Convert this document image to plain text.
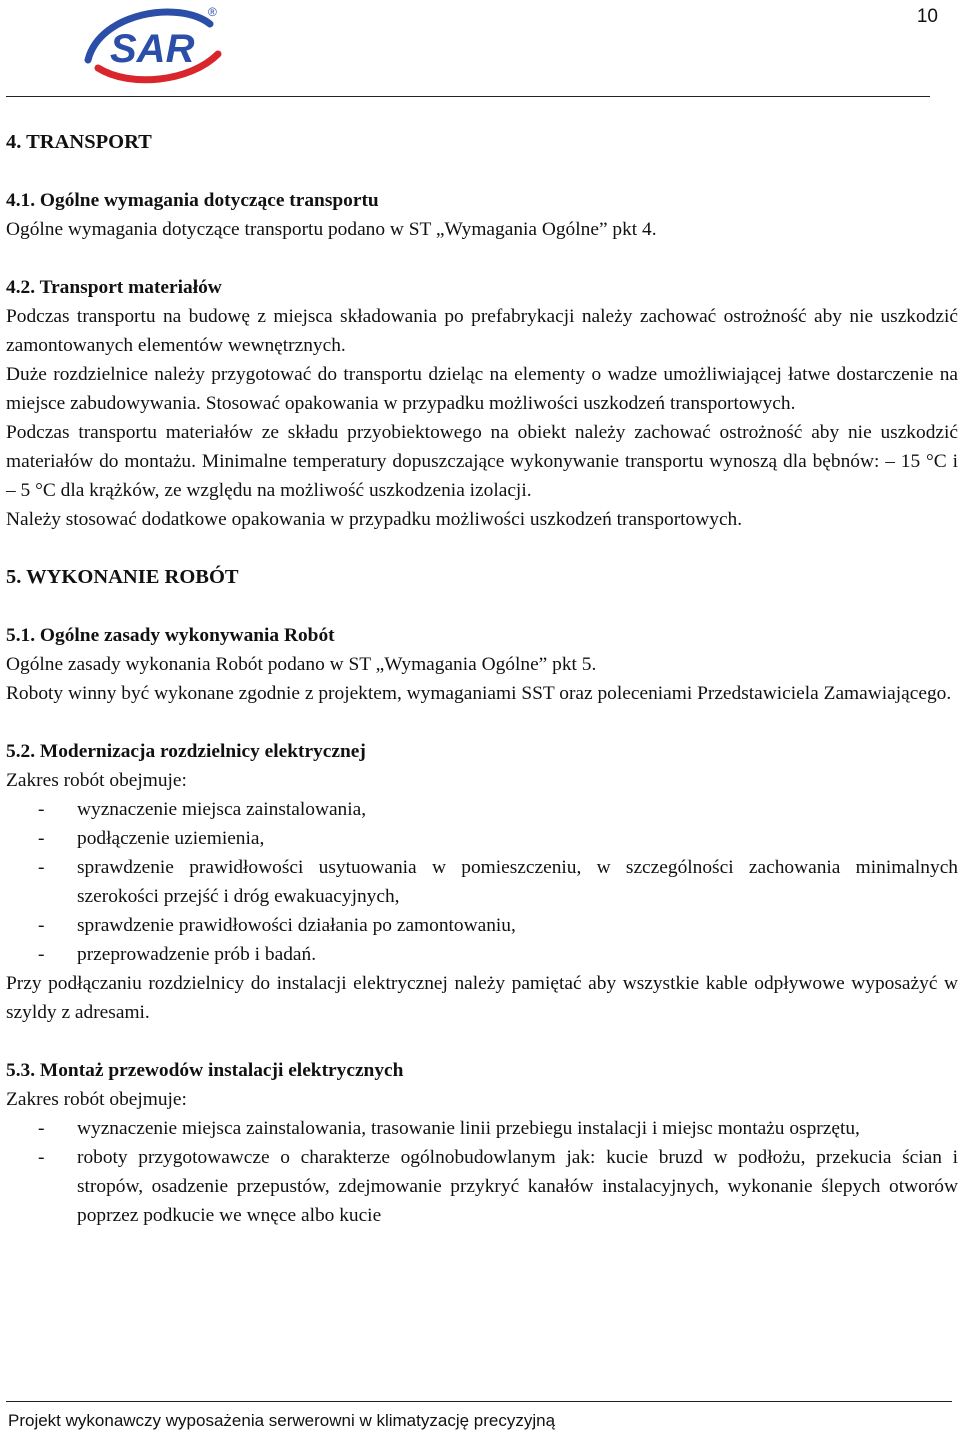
SAR
®	10

4. TRANSPORT

4.1. Ogólne wymagania dotyczące transportu

Ogólne wymagania dotyczące transportu podano w ST „Wymagania Ogólne” pkt 4.

4.2. Transport materiałów

Podczas transportu na budowę z miejsca składowania po prefabrykacji należy zachować ostrożność aby nie uszkodzić zamontowanych elementów wewnętrznych.

Duże rozdzielnice należy przygotować do transportu dzieląc na elementy o wadze umożliwiającej łatwe dostarczenie na miejsce zabudowywania. Stosować opakowania w przypadku możliwości uszkodzeń transportowych.

Podczas transportu materiałów ze składu przyobiektowego na obiekt należy zachować ostrożność aby nie uszkodzić materiałów do montażu. Minimalne temperatury dopuszczające wykonywanie transportu wynoszą dla bębnów: – 15 °C i – 5 °C dla krążków, ze względu na możliwość uszkodzenia izolacji.

Należy stosować dodatkowe opakowania w przypadku możliwości uszkodzeń transportowych.

5. WYKONANIE ROBÓT

5.1. Ogólne zasady wykonywania Robót

Ogólne zasady wykonania Robót podano w ST „Wymagania Ogólne” pkt 5.

Roboty winny być wykonane zgodnie z projektem, wymaganiami SST oraz poleceniami Przedstawiciela Zamawiającego.

5.2. Modernizacja rozdzielnicy elektrycznej

Zakres robót obejmuje:

- wyznaczenie miejsca zainstalowania,
- podłączenie uziemienia,
- sprawdzenie prawidłowości usytuowania w pomieszczeniu, w szczególności zachowania minimalnych szerokości przejść i dróg ewakuacyjnych,
- sprawdzenie prawidłowości działania po zamontowaniu,
- przeprowadzenie prób i badań.

Przy podłączaniu rozdzielnicy do instalacji elektrycznej należy pamiętać aby wszystkie kable odpływowe wyposażyć w szyldy z adresami.

5.3. Montaż przewodów instalacji elektrycznych

Zakres robót obejmuje:

- wyznaczenie miejsca zainstalowania, trasowanie linii przebiegu instalacji i miejsc montażu osprzętu,
- roboty przygotowawcze o charakterze ogólnobudowlanym jak: kucie bruzd w podłożu, przekucia ścian i stropów, osadzenie przepustów, zdejmowanie przykryć kanałów instalacyjnych, wykonanie ślepych otworów poprzez podkucie we wnęce albo kucie
Projekt wykonawczy wyposażenia serwerowni w klimatyzację precyzyjną
